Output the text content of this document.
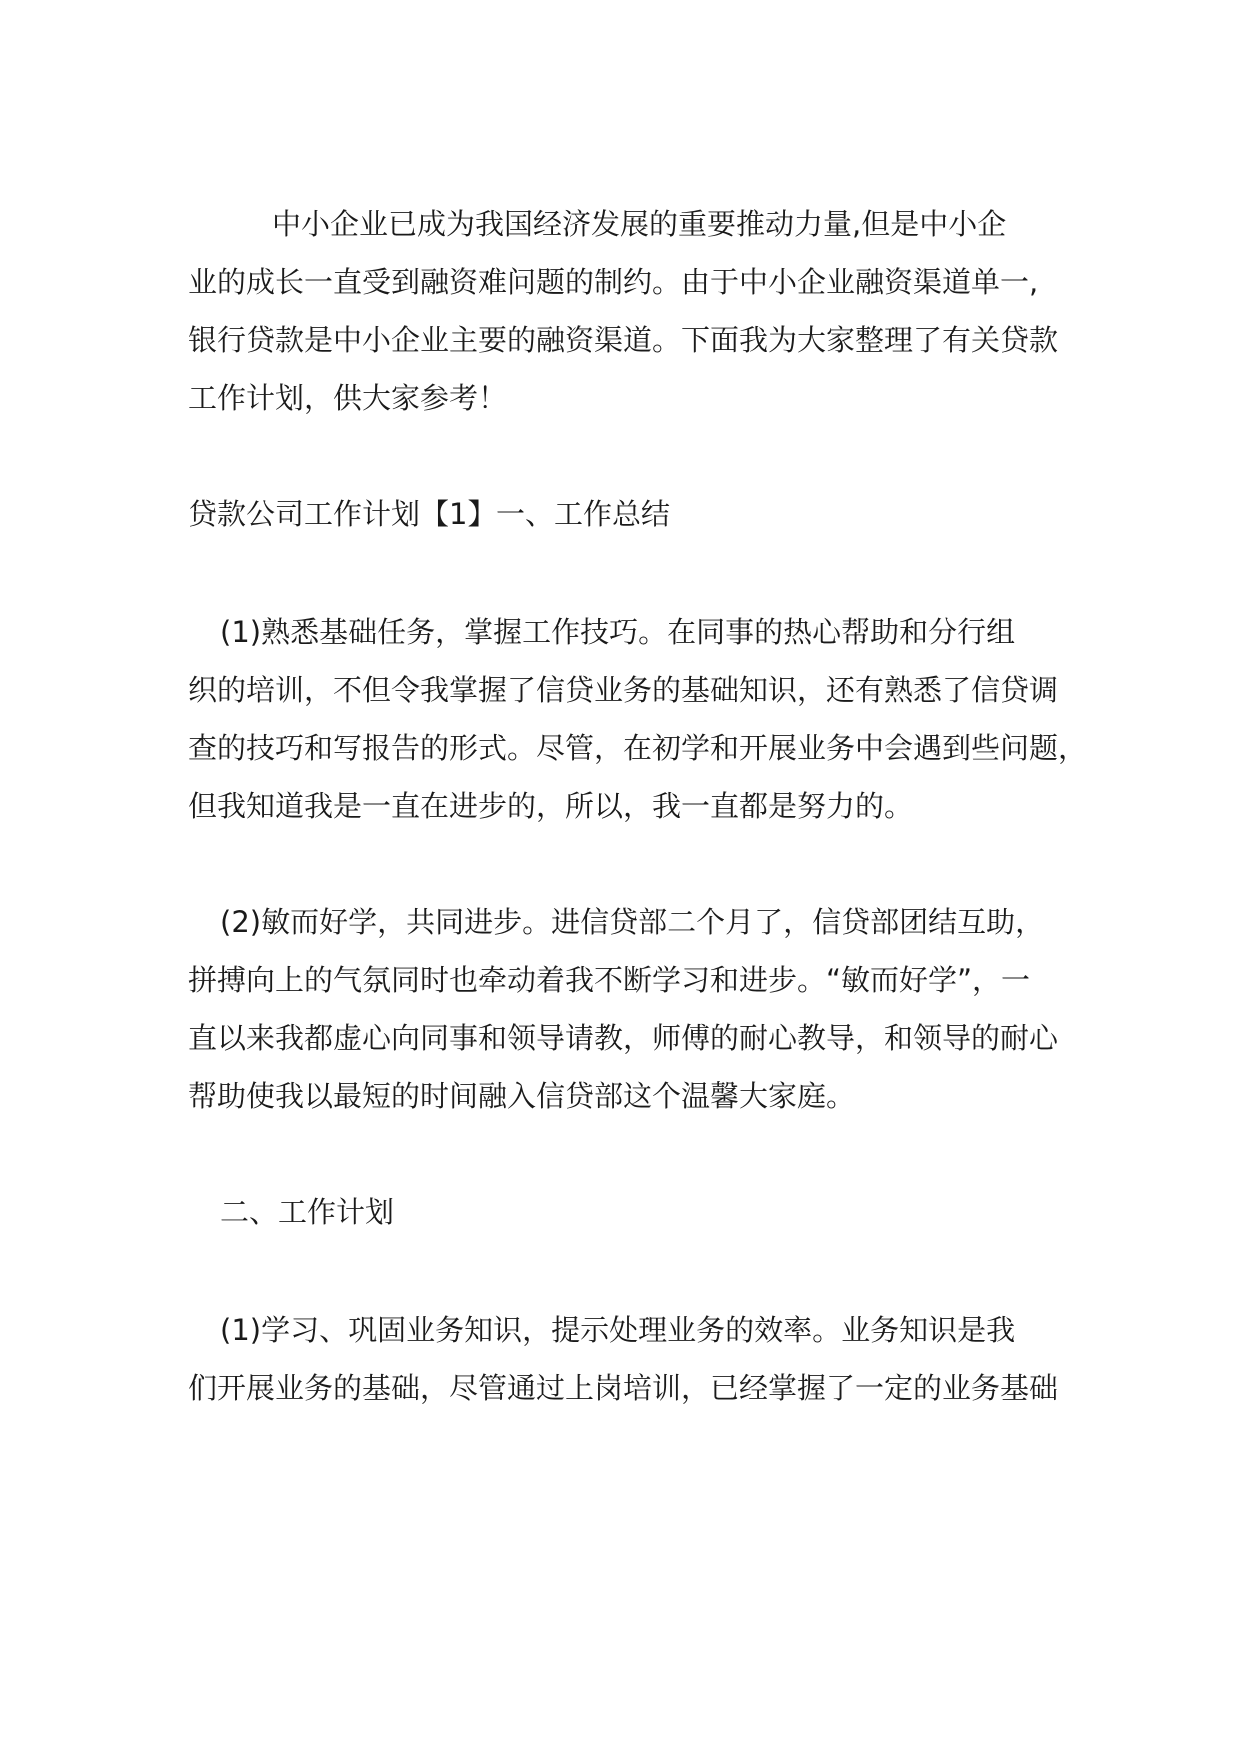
中小企业已成为我国经济发展的重要推动力量,但是中小企
业的成长一直受到融资难问题的制约。由于中小企业融资渠道单一,
银行贷款是中小企业主要的融资渠道。下面我为大家整理了有关贷款
工作计划，供大家参考！
贷款公司工作计划【1】 一、工作总结
(1)熟悉基础任务，掌握工作技巧。在同事的热心帮助和分行组
织的培训，不但令我掌握了信贷业务的基础知识，还有熟悉了信贷调
查的技巧和写报告的形式。尽管，在初学和开展业务中会遇到些问题，
但我知道我是一直在进步的，所以，我一直都是努力的。
(2)敏而好学，共同进步。进信贷部二个月了，信贷部团结互助，
拼搏向上的气氛同时也牵动着我不断学习和进步。“敏而好学”，一
直以来我都虚心向同事和领导请教，师傅的耐心教导，和领导的耐心
帮助使我以最短的时间融入信贷部这个温馨大家庭。
二、工作计划
(1)学习、巩固业务知识，提示处理业务的效率。业务知识是我
们开展业务的基础，尽管通过上岗培训，已经掌握了一定的业务基础
